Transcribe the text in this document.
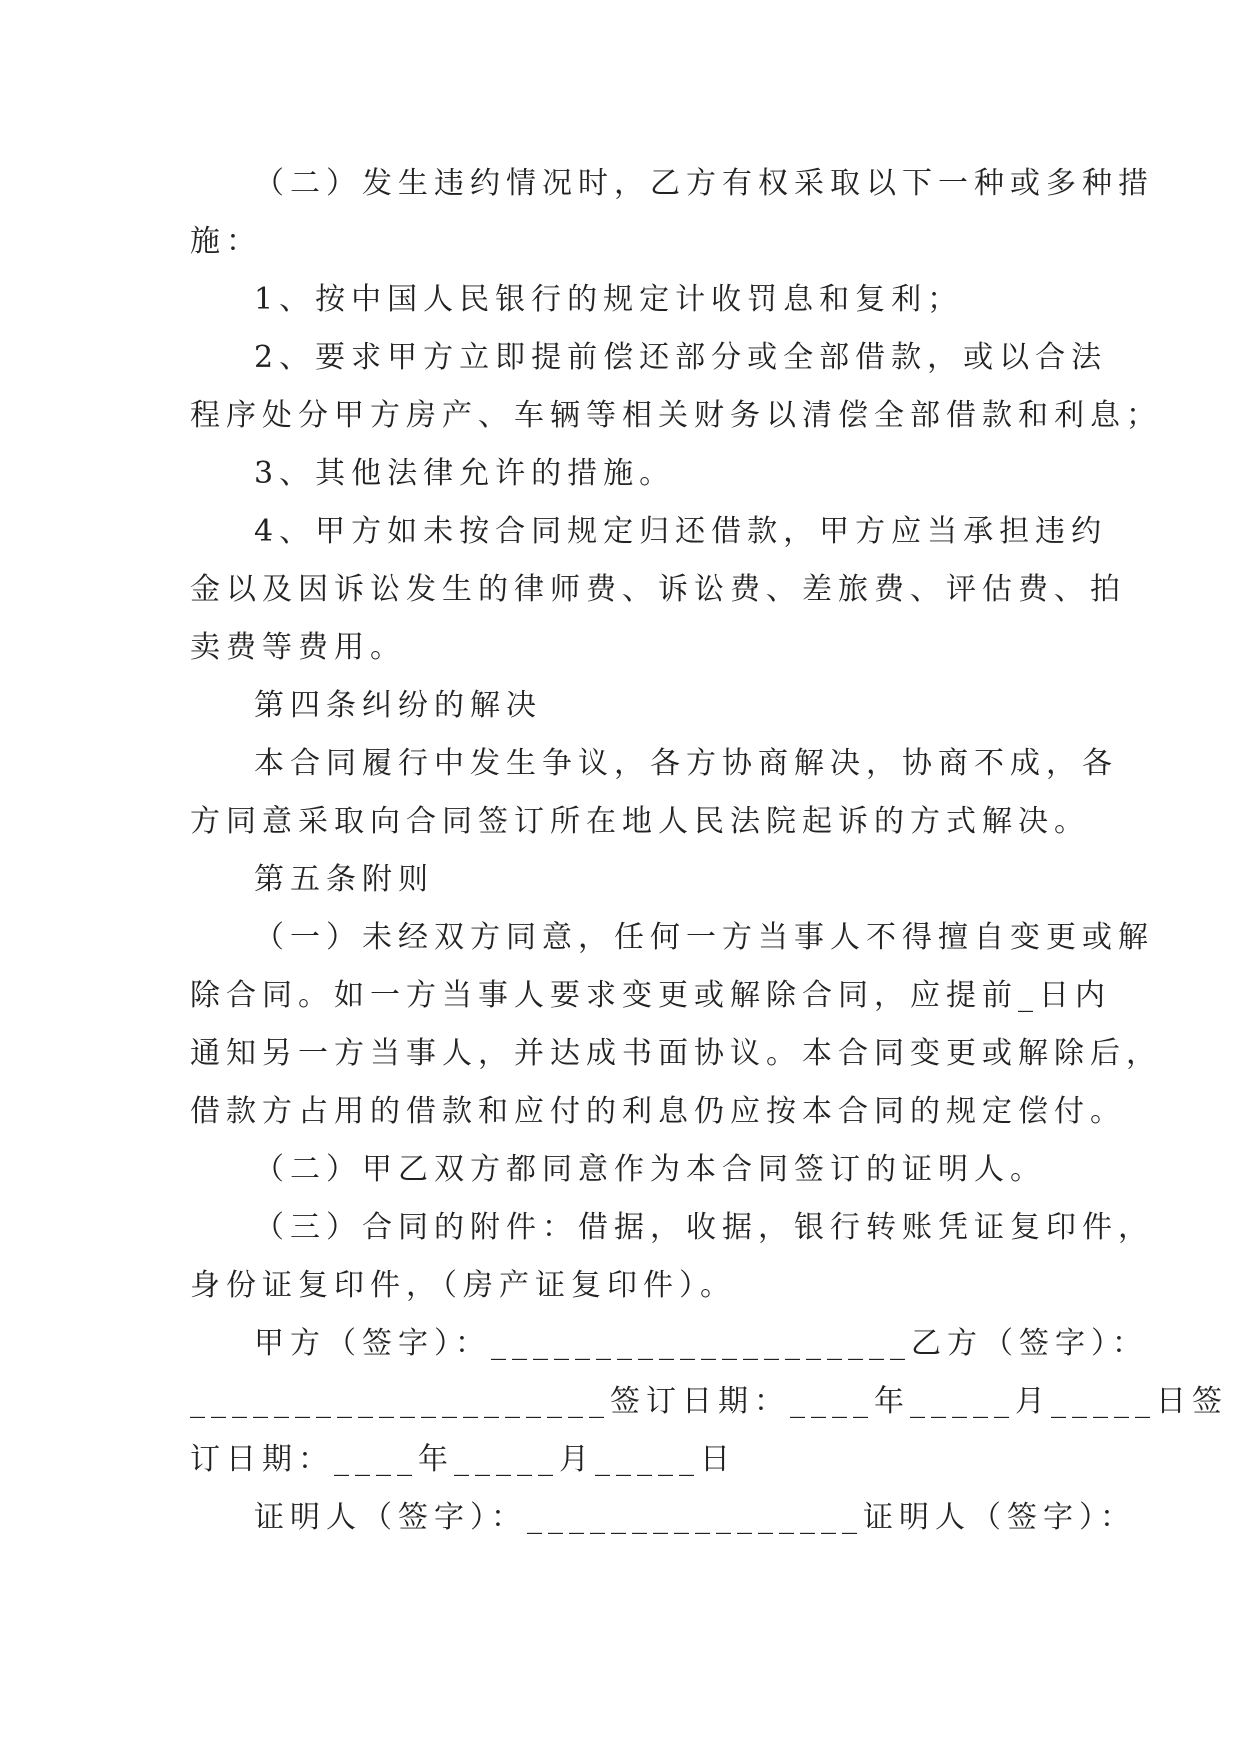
（二）发生违约情况时，乙方有权采取以下一种或多种措
施：
1、按中国人民银行的规定计收罚息和复利；
2、要求甲方立即提前偿还部分或全部借款，或以合法
程序处分甲方房产、车辆等相关财务以清偿全部借款和利息；
3、其他法律允许的措施。
4、甲方如未按合同规定归还借款，甲方应当承担违约
金以及因诉讼发生的律师费、诉讼费、差旅费、评估费、拍
卖费等费用。
第四条纠纷的解决
本合同履行中发生争议，各方协商解决，协商不成，各
方同意采取向合同签订所在地人民法院起诉的方式解决。
第五条附则
（一）未经双方同意，任何一方当事人不得擅自变更或解
除合同。如一方当事人要求变更或解除合同，应提前_日内
通知另一方当事人，并达成书面协议。本合同变更或解除后，
借款方占用的借款和应付的利息仍应按本合同的规定偿付。
（二）甲乙双方都同意作为本合同签订的证明人。
（三）合同的附件：借据，收据，银行转账凭证复印件，
身份证复印件，（房产证复印件）。
甲方（签字）：____________________乙方（签字）：
____________________签订日期：____年_____月_____日签
订日期：____年_____月_____日
证明人（签字）：________________证明人（签字）：
